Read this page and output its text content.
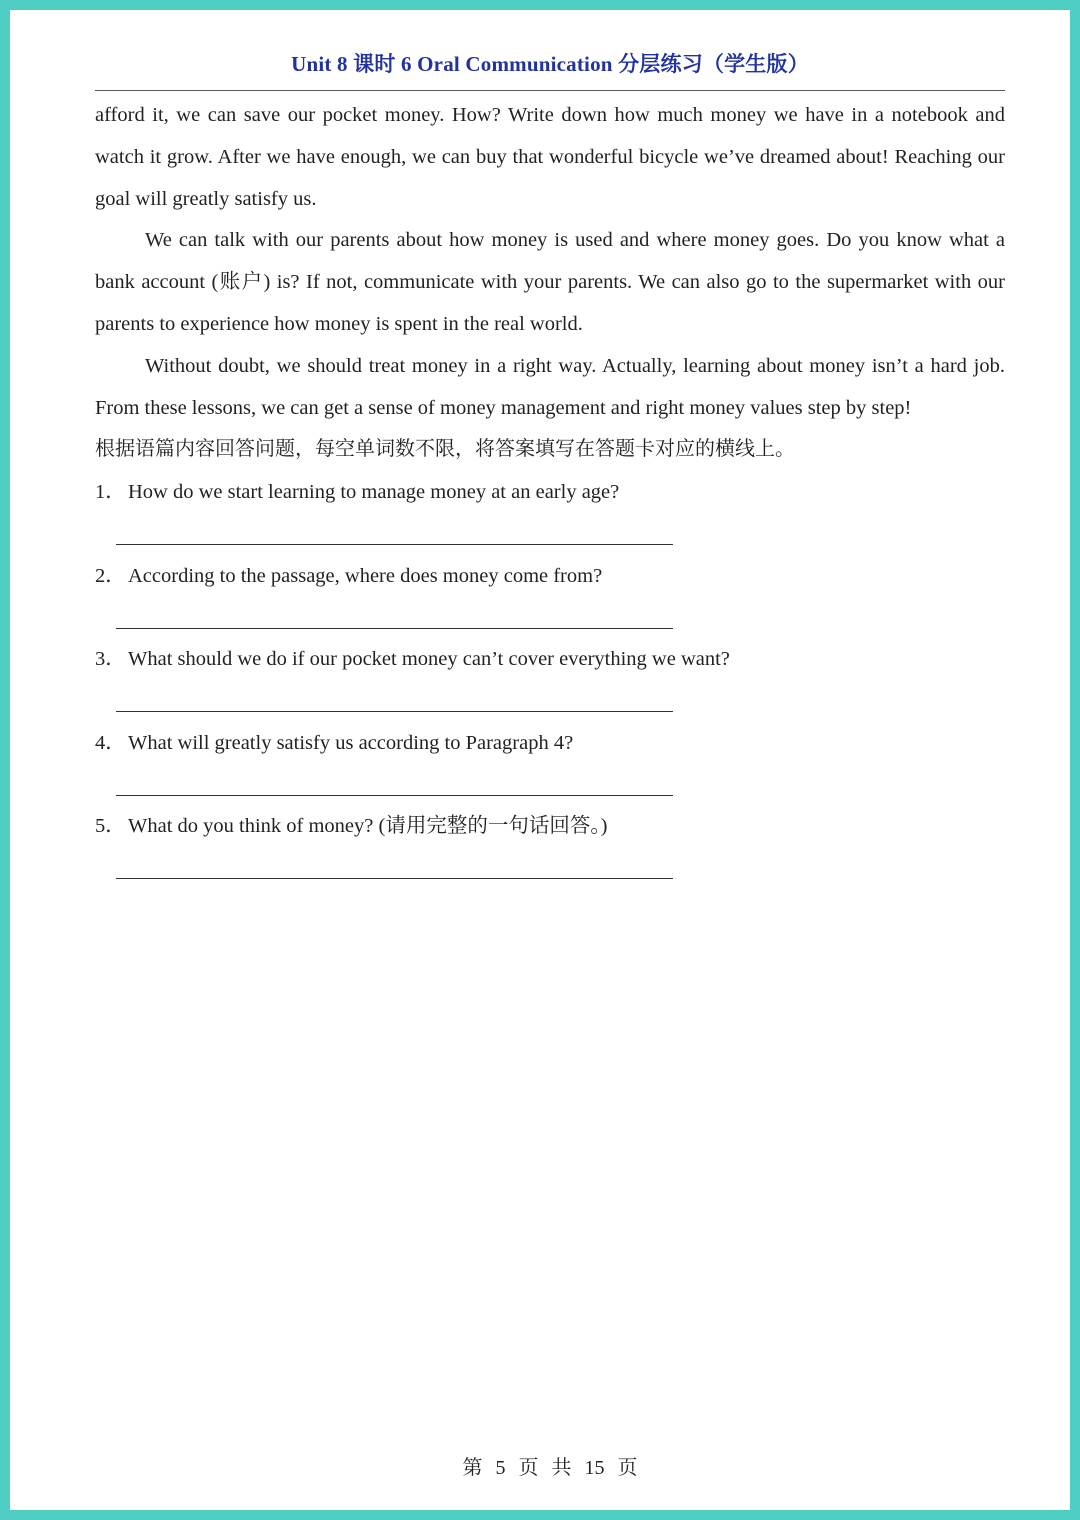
Unit 8 课时 6 Oral Communication 分层练习（学生版）

afford it, we can save our pocket money. How? Write down how much money we have in a notebook and watch it grow. After we have enough, we can buy that wonderful bicycle we’ve dreamed about! Reaching our goal will greatly satisfy us.

We can talk with our parents about how money is used and where money goes. Do you know what a bank account (账户) is? If not, communicate with your parents. We can also go to the supermarket with our parents to experience how money is spent in the real world.

Without doubt, we should treat money in a right way. Actually, learning about money isn’t a hard job. From these lessons, we can get a sense of money management and right money values step by step!

根据语篇内容回答问题，每空单词数不限，将答案填写在答题卡对应的横线上。
1． How do we start learning to manage money at an early age?
2． According to the passage, where does money come from?
3． What should we do if our pocket money can’t cover everything we want?
4． What will greatly satisfy us according to Paragraph 4?
5． What do you think of money? (请用完整的一句话回答。)
第 5 页 共 15 页
